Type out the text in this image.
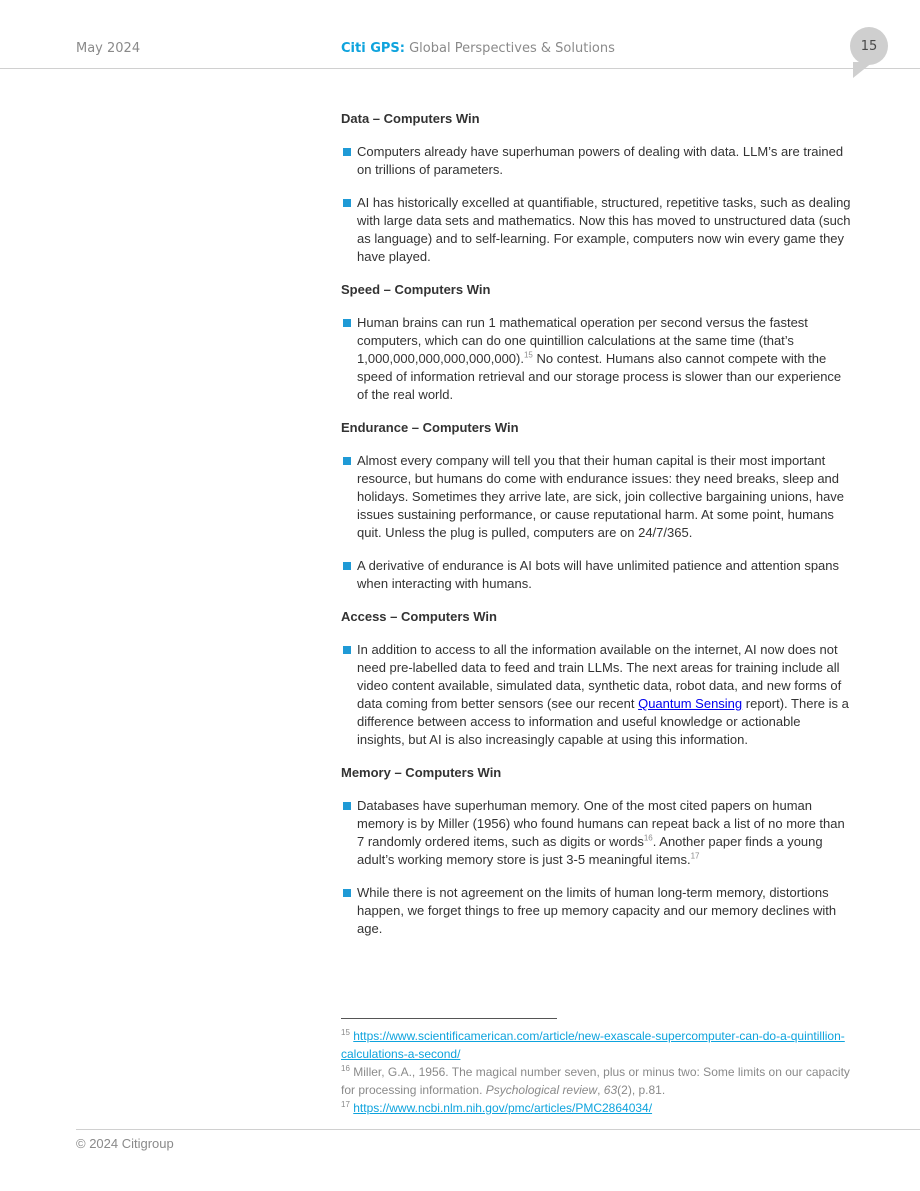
May 2024	Citi GPS: Global Perspectives & Solutions	15
Data – Computers Win
Computers already have superhuman powers of dealing with data. LLM’s are trained on trillions of parameters.
AI has historically excelled at quantifiable, structured, repetitive tasks, such as dealing with large data sets and mathematics. Now this has moved to unstructured data (such as language) and to self-learning. For example, computers now win every game they have played.
Speed – Computers Win
Human brains can run 1 mathematical operation per second versus the fastest computers, which can do one quintillion calculations at the same time (that’s 1,000,000,000,000,000,000).$^{15}$ No contest. Humans also cannot compete with the speed of information retrieval and our storage process is slower than our experience of the real world.
Endurance – Computers Win
Almost every company will tell you that their human capital is their most important resource, but humans do come with endurance issues: they need breaks, sleep and holidays. Sometimes they arrive late, are sick, join collective bargaining unions, have issues sustaining performance, or cause reputational harm. At some point, humans quit. Unless the plug is pulled, computers are on 24/7/365.
A derivative of endurance is AI bots will have unlimited patience and attention spans when interacting with humans.
Access – Computers Win
In addition to access to all the information available on the internet, AI now does not need pre-labelled data to feed and train LLMs. The next areas for training include all video content available, simulated data, synthetic data, robot data, and new forms of data coming from better sensors (see our recent Quantum Sensing report). There is a difference between access to information and useful knowledge or actionable insights, but AI is also increasingly capable at using this information.
Memory – Computers Win
Databases have superhuman memory. One of the most cited papers on human memory is by Miller (1956) who found humans can repeat back a list of no more than 7 randomly ordered items, such as digits or words$^{16}$. Another paper finds a young adult’s working memory store is just 3-5 meaningful items.$^{17}$
While there is not agreement on the limits of human long-term memory, distortions happen, we forget things to free up memory capacity and our memory declines with age.
$^{15}$ https://www.scientificamerican.com/article/new-exascale-supercomputer-can-do-a-quintillion-calculations-a-second/
$^{16}$ Miller, G.A., 1956. The magical number seven, plus or minus two: Some limits on our capacity for processing information. Psychological review, 63(2), p.81.
$^{17}$ https://www.ncbi.nlm.nih.gov/pmc/articles/PMC2864034/
© 2024 Citigroup
